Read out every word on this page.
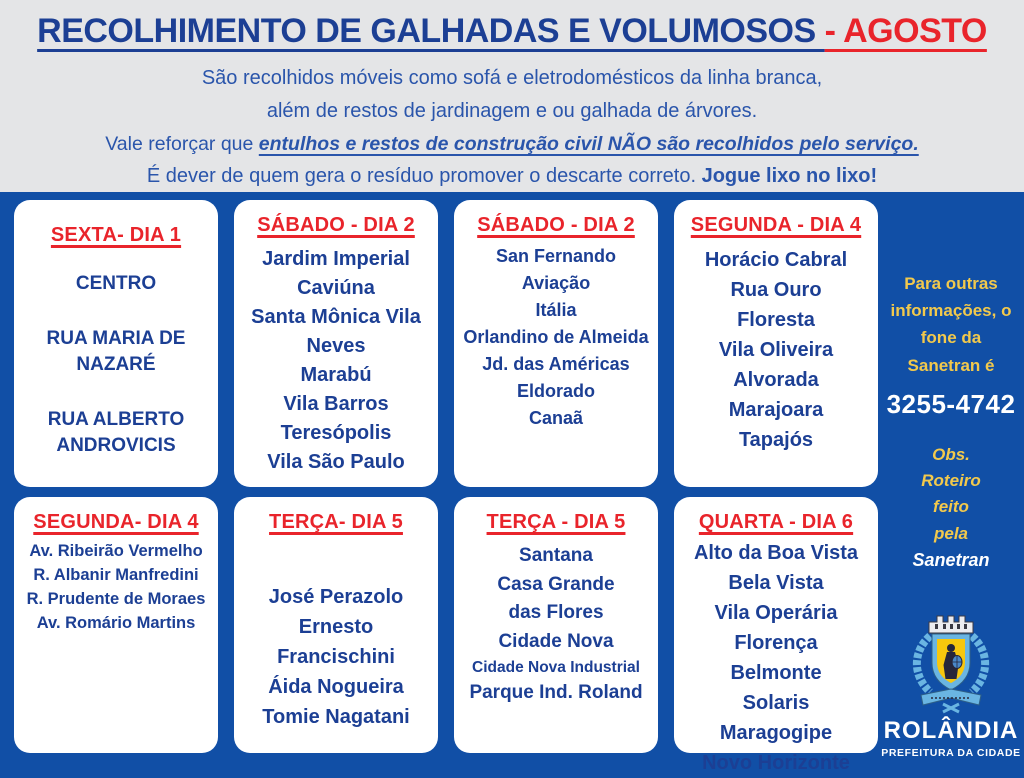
RECOLHIMENTO DE GALHADAS E VOLUMOSOS - AGOSTO

São recolhidos móveis como sofá e eletrodomésticos da linha branca,

além de restos de jardinagem e ou galhada de árvores.

Vale reforçar que entulhos e restos de construção civil NÃO são recolhidos pelo serviço.

É dever de quem gera o resíduo promover o descarte correto. Jogue lixo no lixo!

SEXTA- DIA 1
CENTRO
RUA MARIA DE NAZARÉ
RUA ALBERTO ANDROVICIS
SÁBADO - DIA 2
Jardim Imperial
Caviúna
Santa Mônica Vila Neves
Marabú
Vila Barros
Teresópolis
Vila São Paulo
SÁBADO - DIA 2
San Fernando
Aviação
Itália
Orlandino de Almeida
Jd. das Américas
Eldorado
Canaã
SEGUNDA - DIA 4
Horácio Cabral
Rua Ouro
Floresta
Vila Oliveira
Alvorada
Marajoara
Tapajós
SEGUNDA- DIA 4
Av. Ribeirão Vermelho
R. Albanir Manfredini
R. Prudente de Moraes
Av. Romário Martins
TERÇA- DIA 5
José Perazolo
Ernesto Francischini
Áida Nogueira
Tomie Nagatani
TERÇA - DIA 5
Santana
Casa Grande
das Flores
Cidade Nova
Cidade Nova Industrial
Parque Ind. Roland
QUARTA - DIA 6
Alto da Boa Vista
Bela Vista
Vila Operária
Florença
Belmonte
Solaris
Maragogipe
Novo Horizonte
Para outras informações, o fone da Sanetran é
3255-4742
Obs.
Roteiro
feito
pela
Sanetran
ROLÂNDIA
PREFEITURA DA CIDADE
